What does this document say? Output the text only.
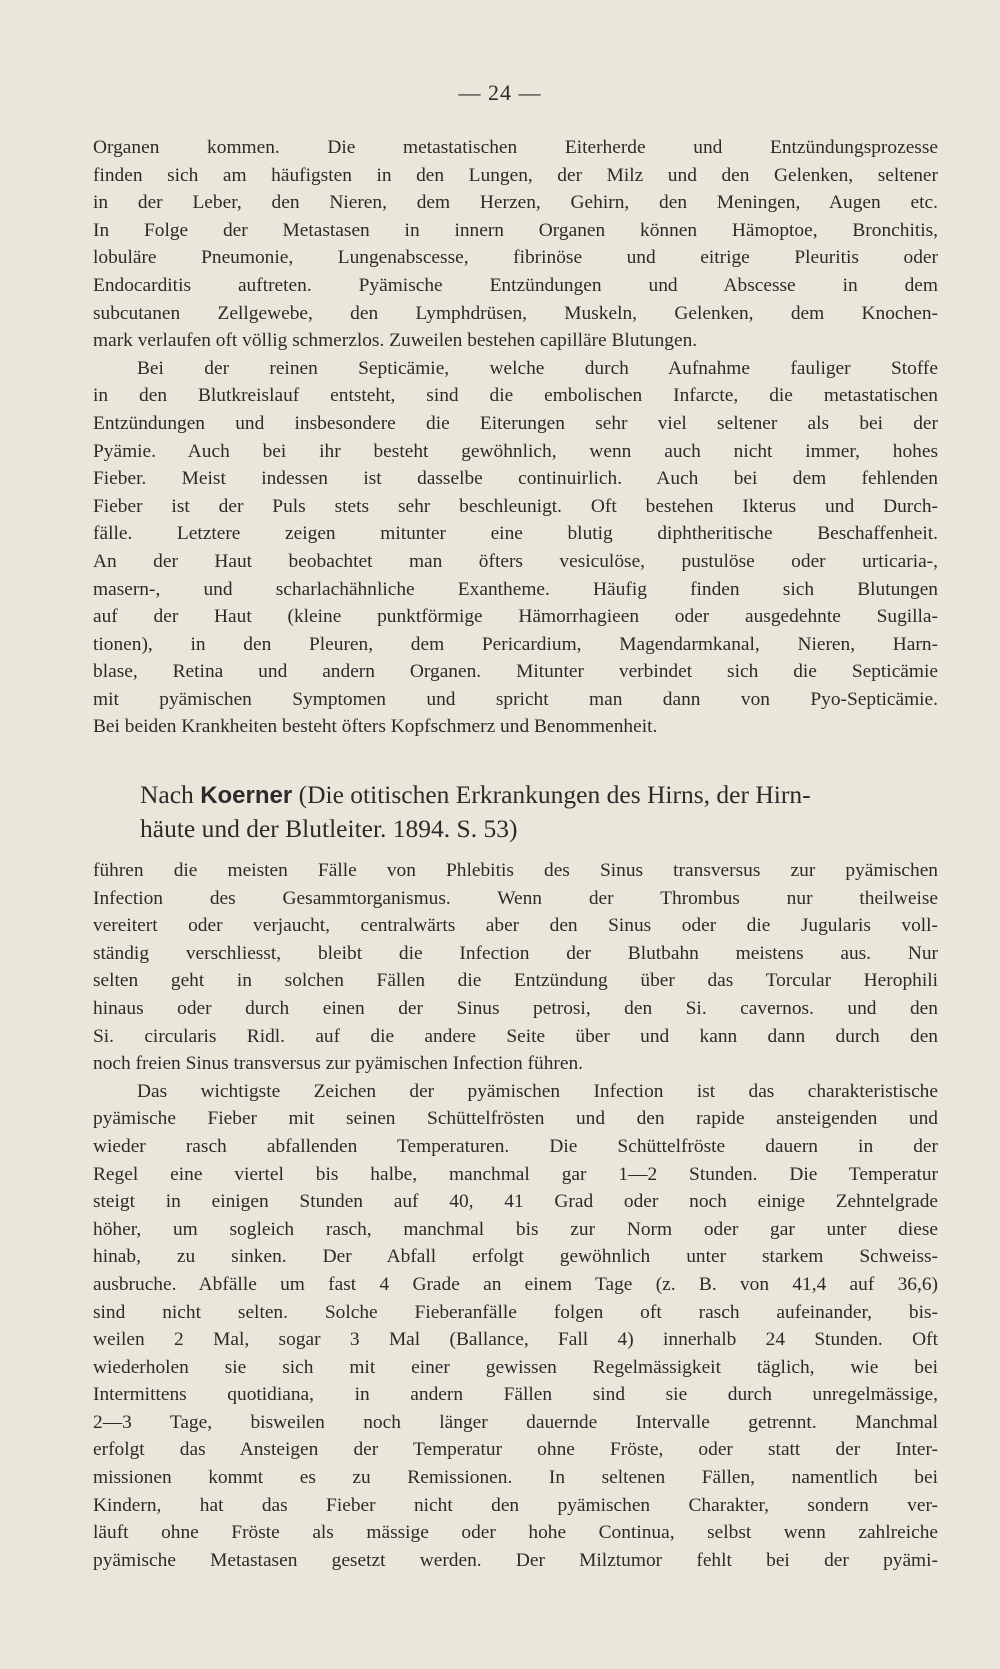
— 24 —
Organen kommen. Die metastatischen Eiterherde und Entzündungsprozesse
finden sich am häufigsten in den Lungen, der Milz und den Gelenken, seltener
in der Leber, den Nieren, dem Herzen, Gehirn, den Meningen, Augen etc.
In Folge der Metastasen in innern Organen können Hämoptoe, Bronchitis,
lobuläre Pneumonie, Lungenabscesse, fibrinöse und eitrige Pleuritis oder
Endocarditis auftreten. Pyämische Entzündungen und Abscesse in dem
subcutanen Zellgewebe, den Lymphdrüsen, Muskeln, Gelenken, dem Knochen-
mark verlaufen oft völlig schmerzlos. Zuweilen bestehen capilläre Blutungen.
Bei der reinen Septicämie, welche durch Aufnahme fauliger Stoffe
in den Blutkreislauf entsteht, sind die embolischen Infarcte, die metastatischen
Entzündungen und insbesondere die Eiterungen sehr viel seltener als bei der
Pyämie. Auch bei ihr besteht gewöhnlich, wenn auch nicht immer, hohes
Fieber. Meist indessen ist dasselbe continuirlich. Auch bei dem fehlenden
Fieber ist der Puls stets sehr beschleunigt. Oft bestehen Ikterus und Durch-
fälle. Letztere zeigen mitunter eine blutig diphtheritische Beschaffenheit.
An der Haut beobachtet man öfters vesiculöse, pustulöse oder urticaria-,
masern-, und scharlachähnliche Exantheme. Häufig finden sich Blutungen
auf der Haut (kleine punktförmige Hämorrhagieen oder ausgedehnte Sugilla-
tionen), in den Pleuren, dem Pericardium, Magendarmkanal, Nieren, Harn-
blase, Retina und andern Organen. Mitunter verbindet sich die Septicämie
mit pyämischen Symptomen und spricht man dann von Pyo-Septicämie.
Bei beiden Krankheiten besteht öfters Kopfschmerz und Benommenheit.
Nach Koerner (Die otitischen Erkrankungen des Hirns, der Hirn-
häute und der Blutleiter. 1894. S. 53)
führen die meisten Fälle von Phlebitis des Sinus transversus zur pyämischen
Infection des Gesammtorganismus. Wenn der Thrombus nur theilweise
vereitert oder verjaucht, centralwärts aber den Sinus oder die Jugularis voll-
ständig verschliesst, bleibt die Infection der Blutbahn meistens aus. Nur
selten geht in solchen Fällen die Entzündung über das Torcular Herophili
hinaus oder durch einen der Sinus petrosi, den Si. cavernos. und den
Si. circularis Ridl. auf die andere Seite über und kann dann durch den
noch freien Sinus transversus zur pyämischen Infection führen.
Das wichtigste Zeichen der pyämischen Infection ist das charakteristische
pyämische Fieber mit seinen Schüttelfrösten und den rapide ansteigenden und
wieder rasch abfallenden Temperaturen. Die Schüttelfröste dauern in der
Regel eine viertel bis halbe, manchmal gar 1—2 Stunden. Die Temperatur
steigt in einigen Stunden auf 40, 41 Grad oder noch einige Zehntelgrade
höher, um sogleich rasch, manchmal bis zur Norm oder gar unter diese
hinab, zu sinken. Der Abfall erfolgt gewöhnlich unter starkem Schweiss-
ausbruche. Abfälle um fast 4 Grade an einem Tage (z. B. von 41,4 auf 36,6)
sind nicht selten. Solche Fieberanfälle folgen oft rasch aufeinander, bis-
weilen 2 Mal, sogar 3 Mal (Ballance, Fall 4) innerhalb 24 Stunden. Oft
wiederholen sie sich mit einer gewissen Regelmässigkeit täglich, wie bei
Intermittens quotidiana, in andern Fällen sind sie durch unregelmässige,
2—3 Tage, bisweilen noch länger dauernde Intervalle getrennt. Manchmal
erfolgt das Ansteigen der Temperatur ohne Fröste, oder statt der Inter-
missionen kommt es zu Remissionen. In seltenen Fällen, namentlich bei
Kindern, hat das Fieber nicht den pyämischen Charakter, sondern ver-
läuft ohne Fröste als mässige oder hohe Continua, selbst wenn zahlreiche
pyämische Metastasen gesetzt werden. Der Milztumor fehlt bei der pyämi-
